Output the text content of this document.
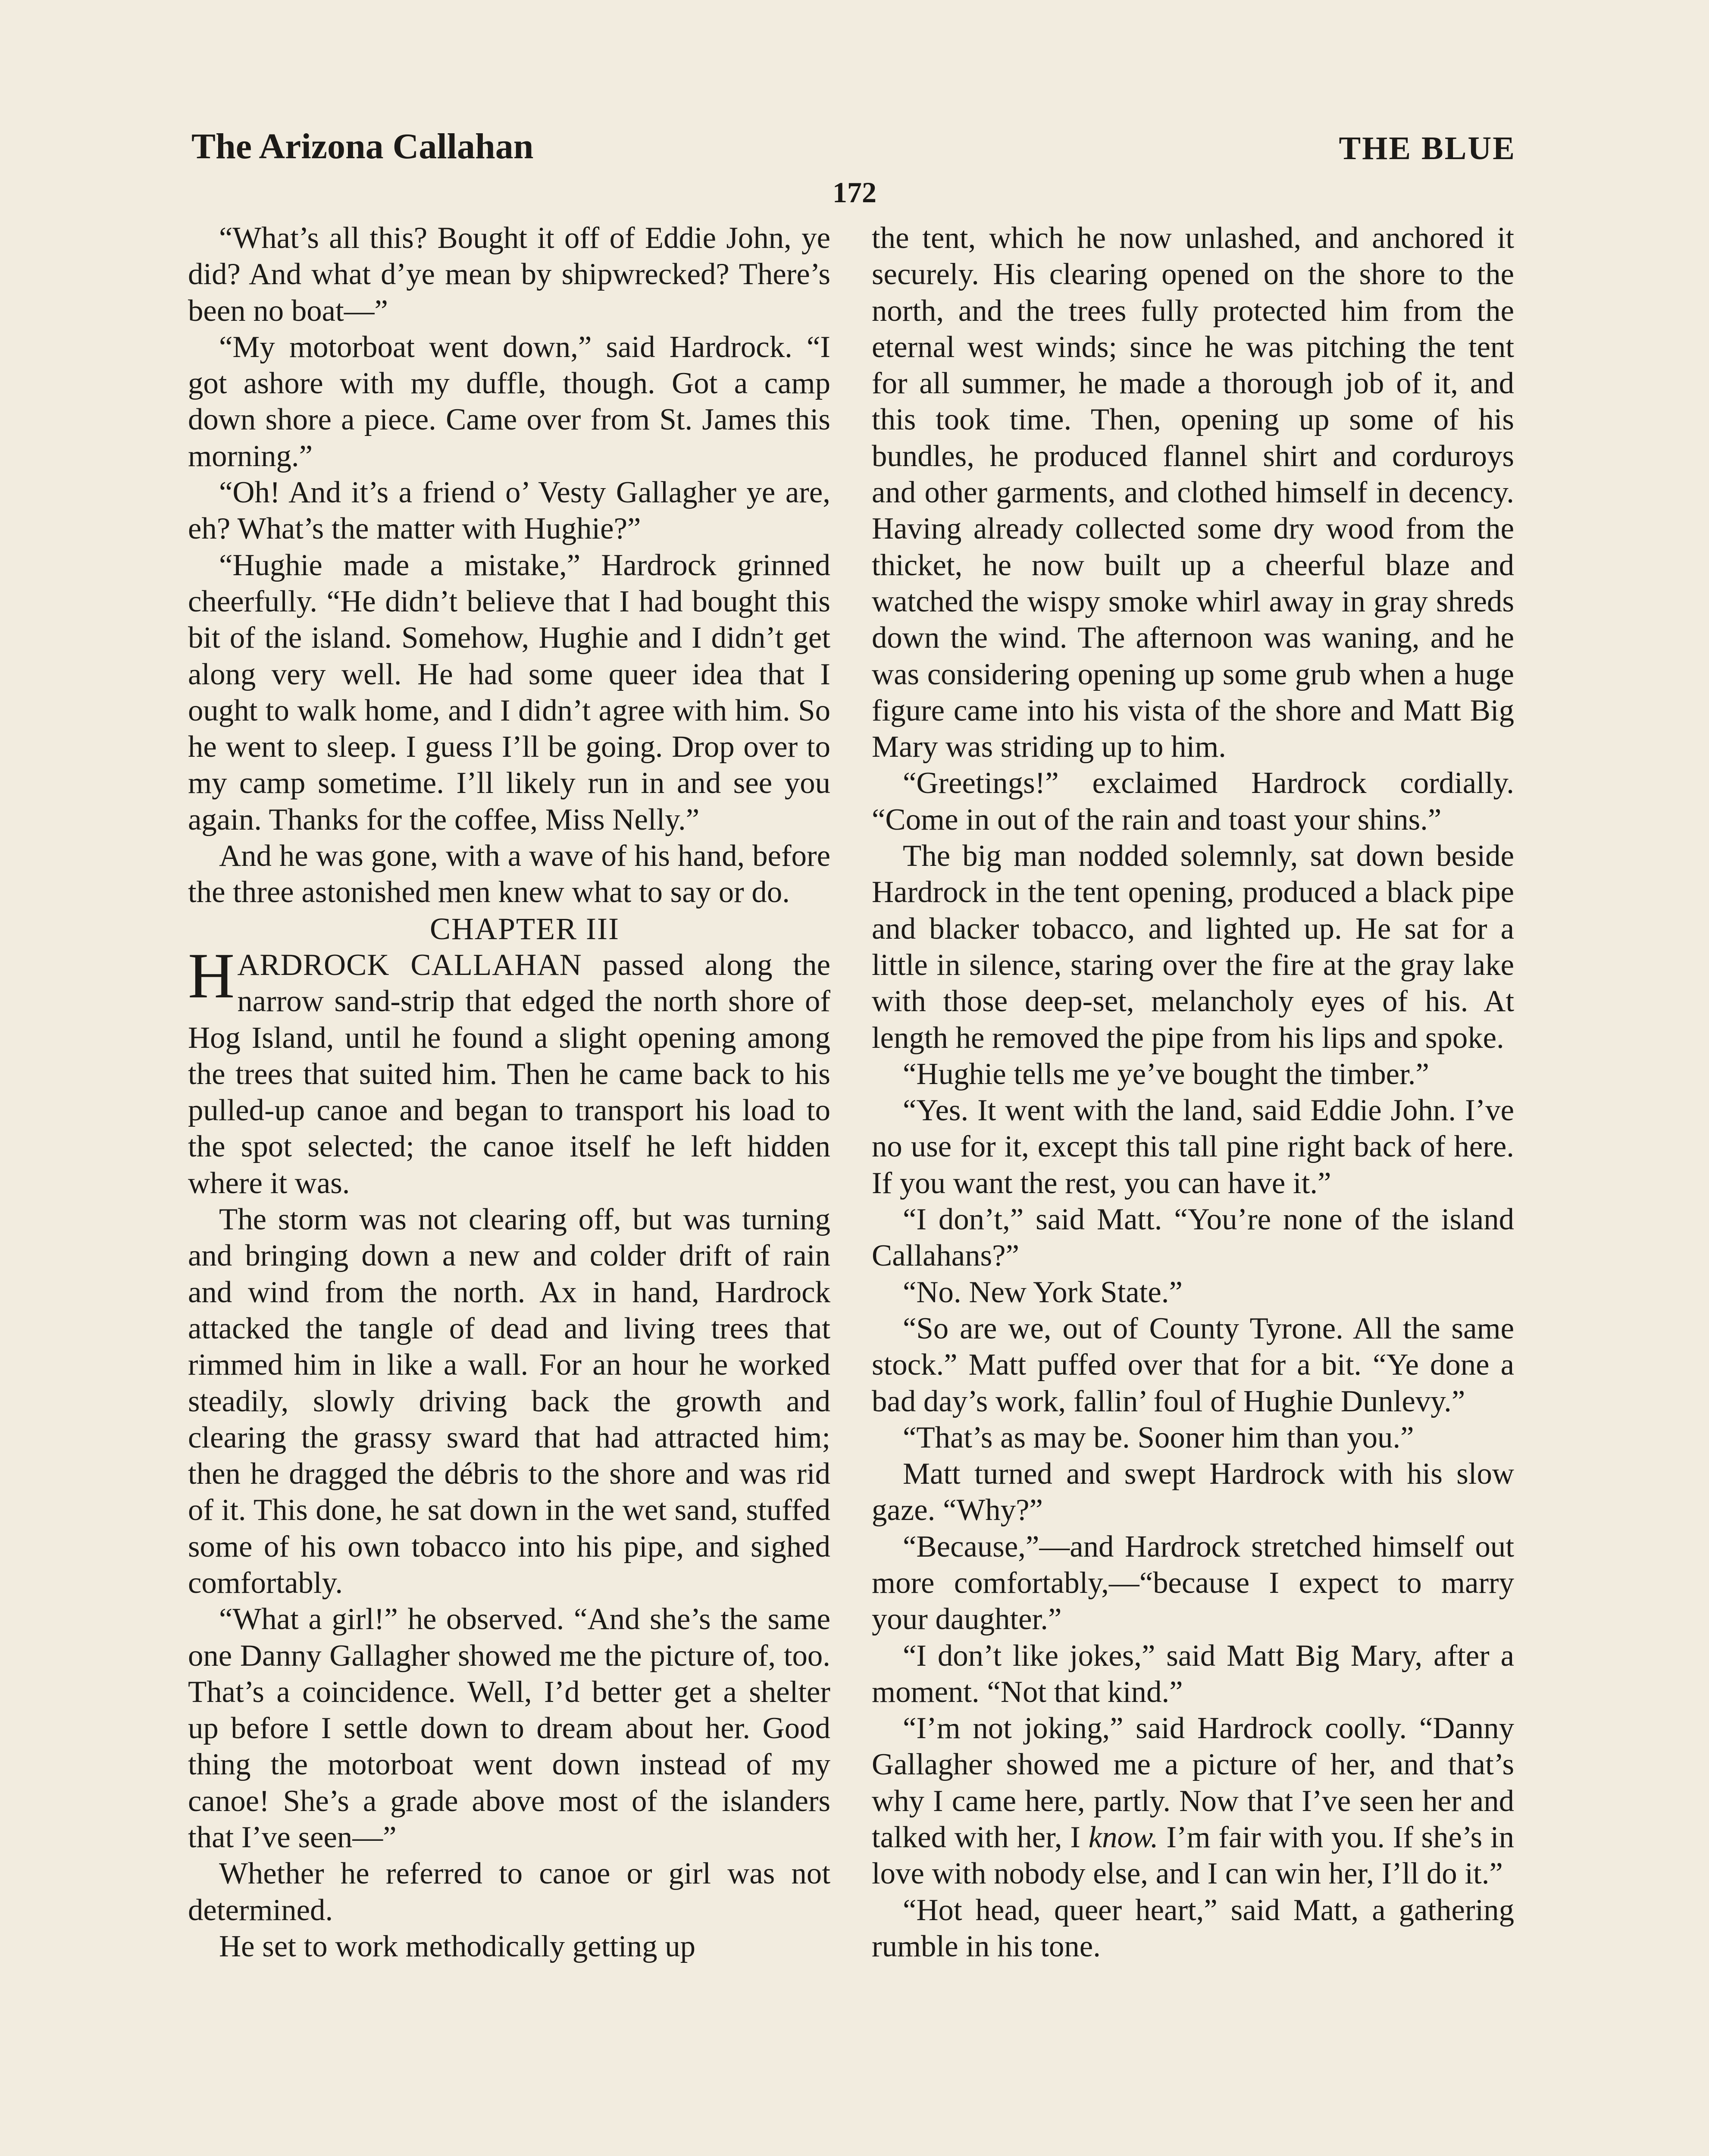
The Arizona Callahan	THE BLUE
172

“What’s all this? Bought it off of Eddie John, ye did? And what d’ye mean by shipwrecked? There’s been no boat—”

“My motorboat went down,” said Hardrock. “I got ashore with my duffle, though. Got a camp down shore a piece. Came over from St. James this morning.”

“Oh! And it’s a friend o’ Vesty Gallagher ye are, eh? What’s the matter with Hughie?”

“Hughie made a mistake,” Hardrock grinned cheerfully. “He didn’t believe that I had bought this bit of the island. Somehow, Hughie and I didn’t get along very well. He had some queer idea that I ought to walk home, and I didn’t agree with him. So he went to sleep. I guess I’ll be going. Drop over to my camp sometime. I’ll likely run in and see you again. Thanks for the coffee, Miss Nelly.”

And he was gone, with a wave of his hand, before the three astonished men knew what to say or do.

CHAPTER III

HARDROCK CALLAHAN passed along the narrow sand-strip that edged the north shore of Hog Island, until he found a slight opening among the trees that suited him. Then he came back to his pulled-up canoe and began to transport his load to the spot selected; the canoe itself he left hidden where it was.

The storm was not clearing off, but was turning and bringing down a new and colder drift of rain and wind from the north. Ax in hand, Hardrock attacked the tangle of dead and living trees that rimmed him in like a wall. For an hour he worked steadily, slowly driving back the growth and clearing the grassy sward that had attracted him; then he dragged the débris to the shore and was rid of it. This done, he sat down in the wet sand, stuffed some of his own tobacco into his pipe, and sighed comfortably.

“What a girl!” he observed. “And she’s the same one Danny Gallagher showed me the picture of, too. That’s a coincidence. Well, I’d better get a shelter up before I settle down to dream about her. Good thing the motorboat went down instead of my canoe! She’s a grade above most of the islanders that I’ve seen—”

Whether he referred to canoe or girl was not determined.

He set to work methodically getting up

the tent, which he now unlashed, and anchored it securely. His clearing opened on the shore to the north, and the trees fully protected him from the eternal west winds; since he was pitching the tent for all summer, he made a thorough job of it, and this took time. Then, opening up some of his bundles, he produced flannel shirt and corduroys and other garments, and clothed himself in decency. Having already collected some dry wood from the thicket, he now built up a cheerful blaze and watched the wispy smoke whirl away in gray shreds down the wind. The afternoon was waning, and he was considering opening up some grub when a huge figure came into his vista of the shore and Matt Big Mary was striding up to him.

“Greetings!” exclaimed Hardrock cordially. “Come in out of the rain and toast your shins.”

The big man nodded solemnly, sat down beside Hardrock in the tent opening, produced a black pipe and blacker tobacco, and lighted up. He sat for a little in silence, staring over the fire at the gray lake with those deep-set, melancholy eyes of his. At length he removed the pipe from his lips and spoke.

“Hughie tells me ye’ve bought the timber.”

“Yes. It went with the land, said Eddie John. I’ve no use for it, except this tall pine right back of here. If you want the rest, you can have it.”

“I don’t,” said Matt. “You’re none of the island Callahans?”

“No. New York State.”

“So are we, out of County Tyrone. All the same stock.” Matt puffed over that for a bit. “Ye done a bad day’s work, fallin’ foul of Hughie Dunlevy.”

“That’s as may be. Sooner him than you.”

Matt turned and swept Hardrock with his slow gaze. “Why?”

“Because,”—and Hardrock stretched himself out more comfortably,—“because I expect to marry your daughter.”

“I don’t like jokes,” said Matt Big Mary, after a moment. “Not that kind.”

“I’m not joking,” said Hardrock coolly. “Danny Gallagher showed me a picture of her, and that’s why I came here, partly. Now that I’ve seen her and talked with her, I know. I’m fair with you. If she’s in love with nobody else, and I can win her, I’ll do it.”

“Hot head, queer heart,” said Matt, a gathering rumble in his tone.
